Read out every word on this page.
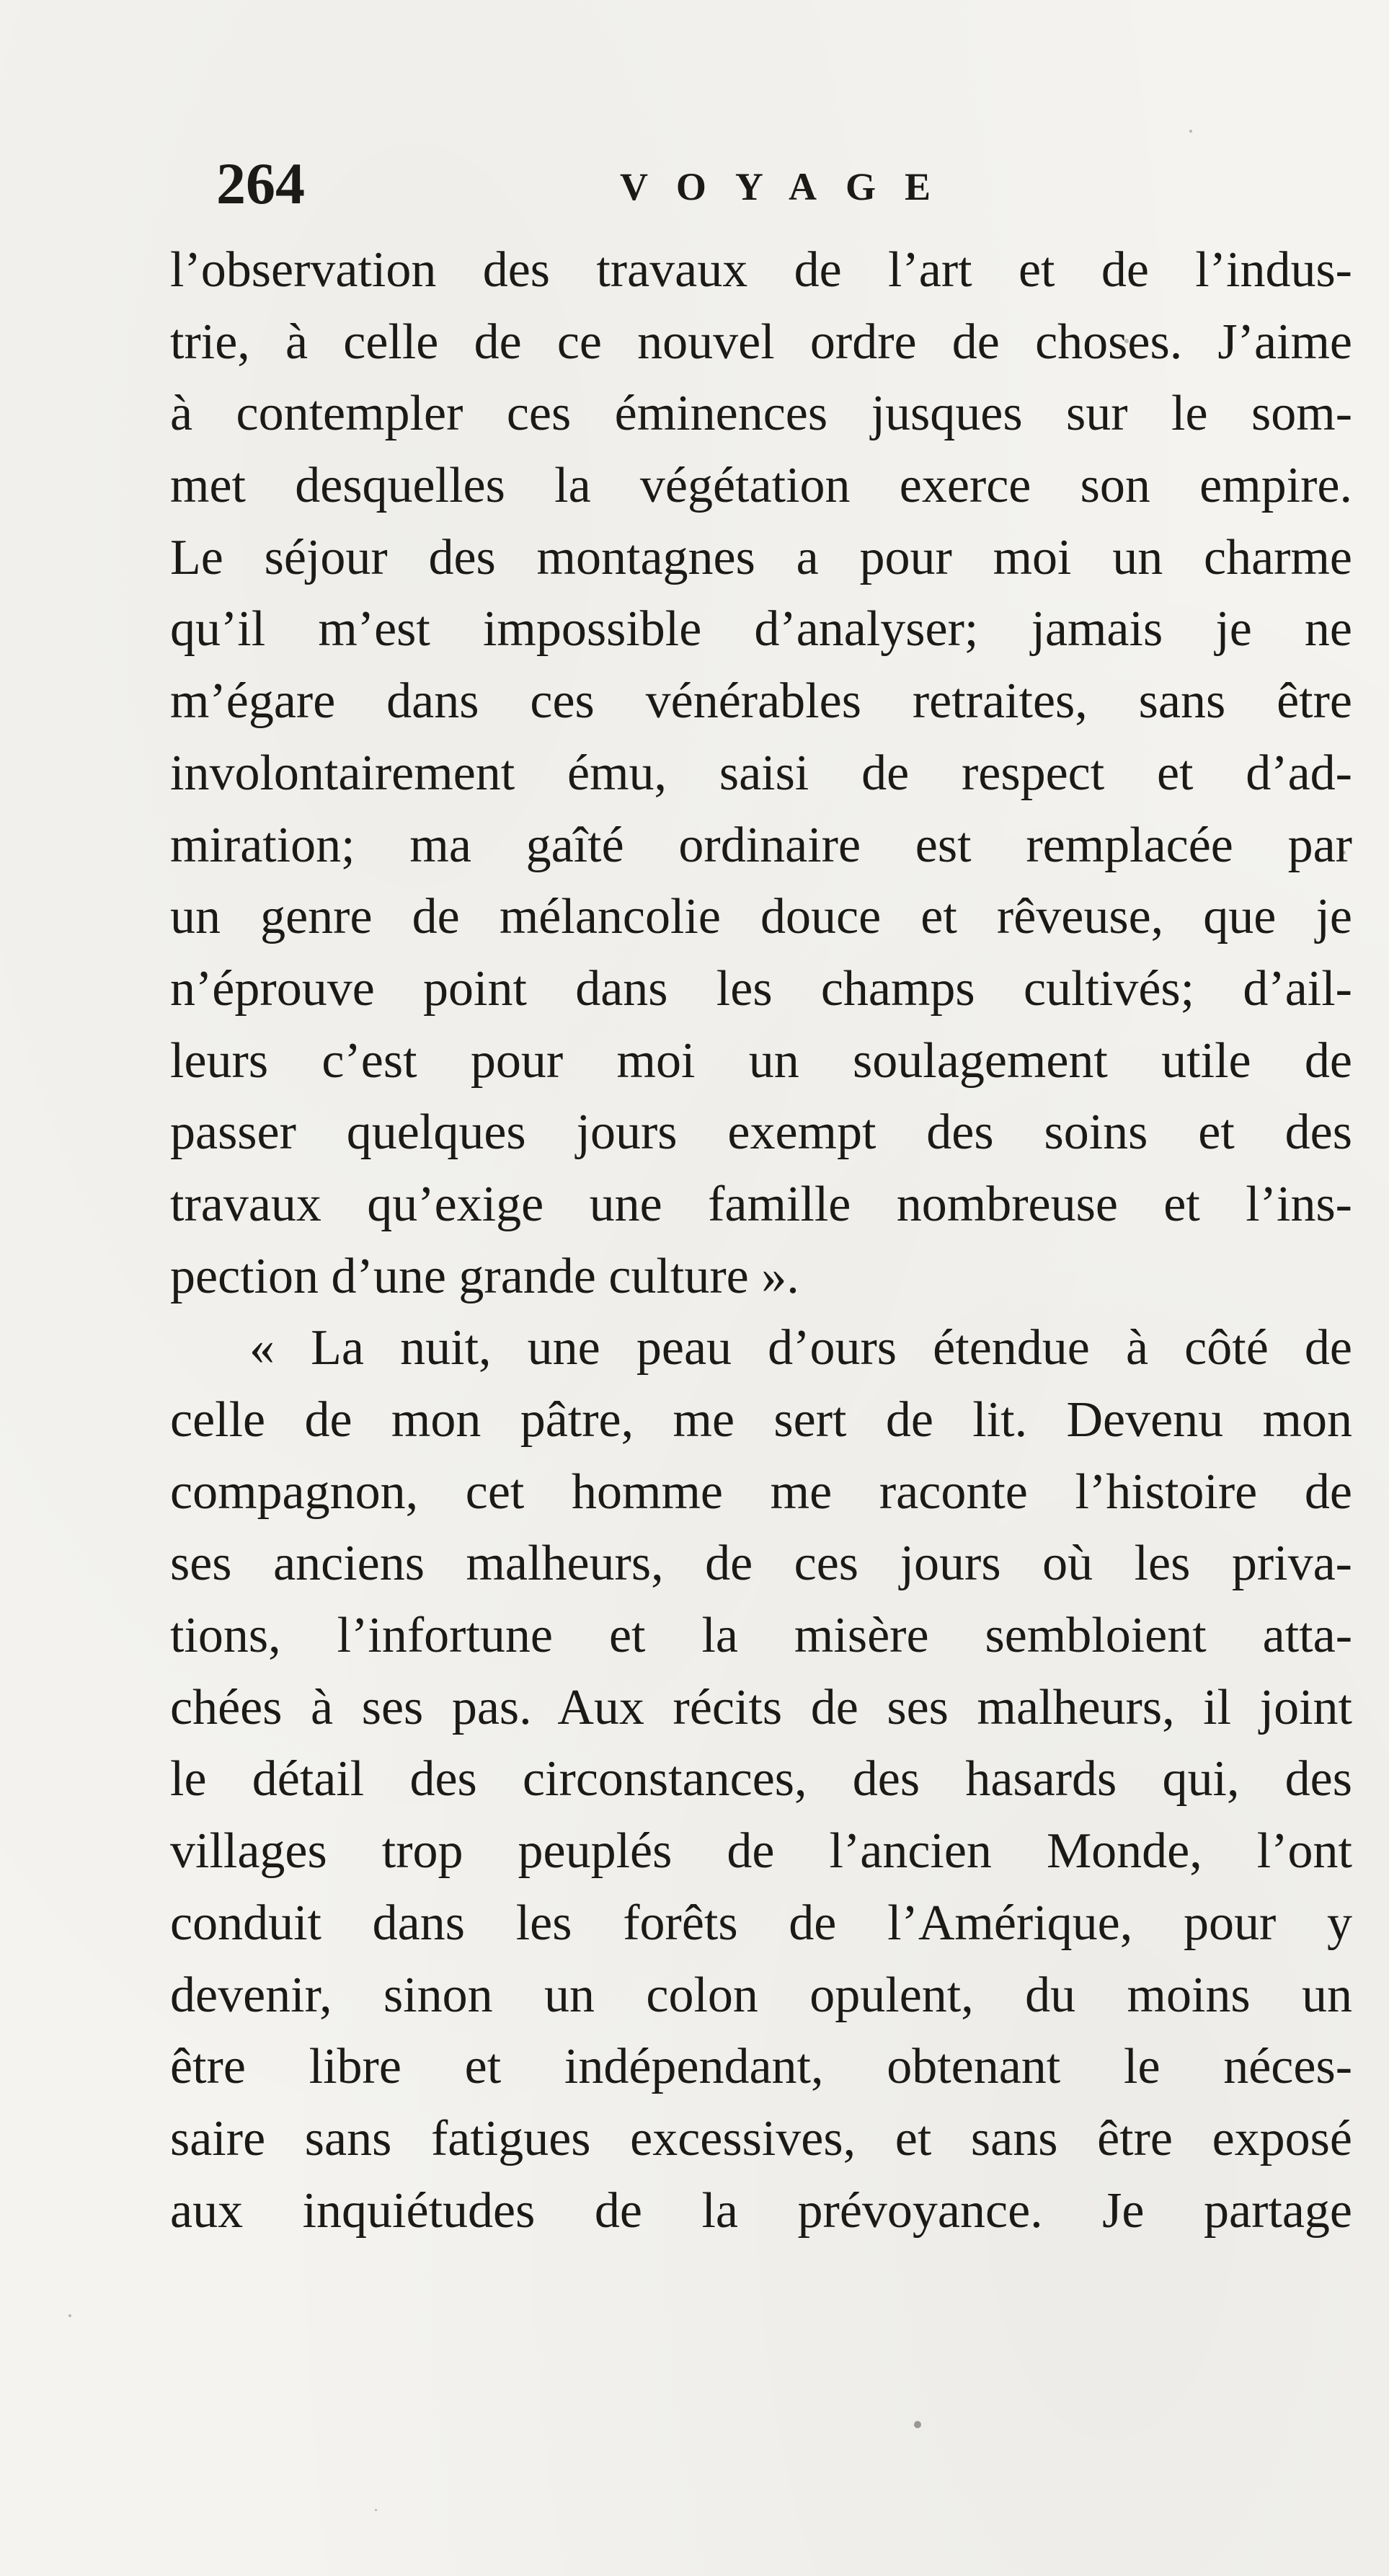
264	VOYAGE
l’observation des travaux de l’art et de l’indus-
trie, à celle de ce nouvel ordre de choses. J’aime
à contempler ces éminences jusques sur le som-
met desquelles la végétation exerce son empire.
Le séjour des montagnes a pour moi un charme
qu’il m’est impossible d’analyser; jamais je ne
m’égare dans ces vénérables retraites, sans être
involontairement ému, saisi de respect et d’ad-
miration; ma gaîté ordinaire est remplacée par
un genre de mélancolie douce et rêveuse, que je
n’éprouve point dans les champs cultivés; d’ail-
leurs c’est pour moi un soulagement utile de
passer quelques jours exempt des soins et des
travaux qu’exige une famille nombreuse et l’ins-
pection d’une grande culture ».
« La nuit, une peau d’ours étendue à côté de
celle de mon pâtre, me sert de lit. Devenu mon
compagnon, cet homme me raconte l’histoire de
ses anciens malheurs, de ces jours où les priva-
tions, l’infortune et la misère sembloient atta-
chées à ses pas. Aux récits de ses malheurs, il joint
le détail des circonstances, des hasards qui, des
villages trop peuplés de l’ancien Monde, l’ont
conduit dans les forêts de l’Amérique, pour y
devenir, sinon un colon opulent, du moins un
être libre et indépendant, obtenant le néces-
saire sans fatigues excessives, et sans être exposé
aux inquiétudes de la prévoyance. Je partage
